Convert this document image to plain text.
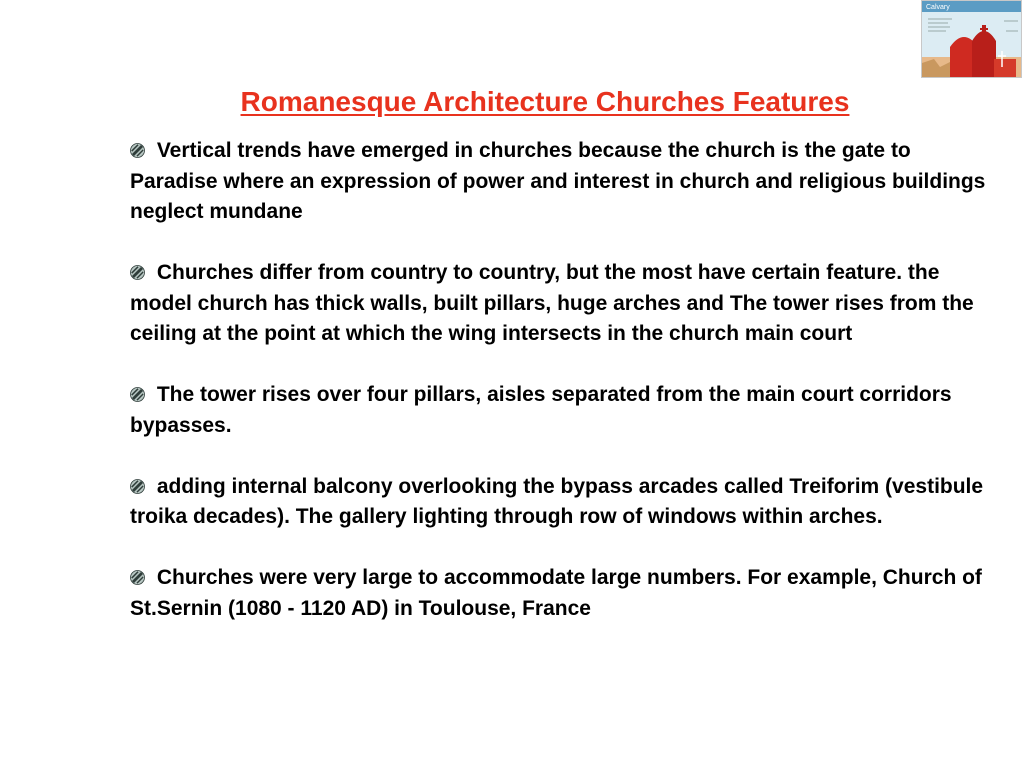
Calvary
Romanesque Architecture Churches Features

Vertical trends have emerged in churches because the church is the gate to Paradise where an expression of power and interest in church and religious buildings neglect mundane

Churches differ from country to country, but the most have certain feature. the model church has thick walls, built pillars, huge arches and The tower rises from the ceiling at the point at which the wing intersects in the church main court

The tower rises over four pillars, aisles separated from the main court corridors bypasses.

adding internal balcony overlooking the bypass arcades called Treiforim (vestibule troika decades). The gallery lighting through row of windows within arches.

Churches were very large to accommodate large numbers. For example, Church of St.Sernin (1080 - 1120 AD) in Toulouse, France
